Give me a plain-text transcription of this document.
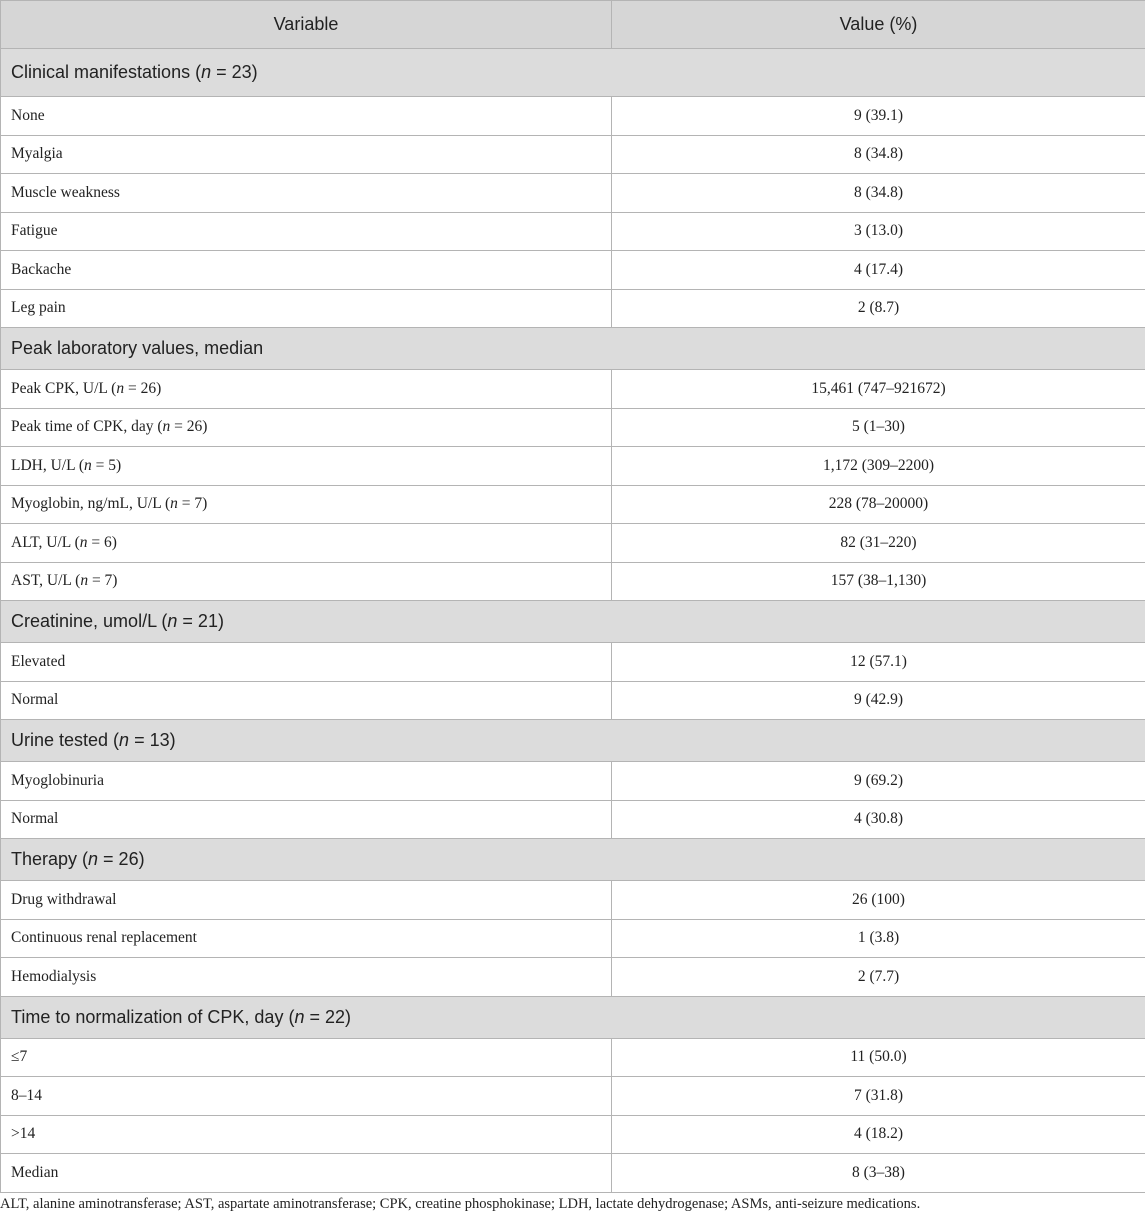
Variable	Value (%)
Clinical manifestations (n = 23)	
None	9 (39.1)
Myalgia	8 (34.8)
Muscle weakness	8 (34.8)
Fatigue	3 (13.0)
Backache	4 (17.4)
Leg pain	2 (8.7)
Peak laboratory values, median	
Peak CPK, U/L (n = 26)	15,461 (747–921672)
Peak time of CPK, day (n = 26)	5 (1–30)
LDH, U/L (n = 5)	1,172 (309–2200)
Myoglobin, ng/mL, U/L (n = 7)	228 (78–20000)
ALT, U/L (n = 6)	82 (31–220)
AST, U/L (n = 7)	157 (38–1,130)
Creatinine, umol/L (n = 21)	
Elevated	12 (57.1)
Normal	9 (42.9)
Urine tested (n = 13)	
Myoglobinuria	9 (69.2)
Normal	4 (30.8)
Therapy (n = 26)	
Drug withdrawal	26 (100)
Continuous renal replacement	1 (3.8)
Hemodialysis	2 (7.7)
Time to normalization of CPK, day (n = 22)	
≤7	11 (50.0)
8–14	7 (31.8)
>14	4 (18.2)
Median	8 (3–38)
ALT, alanine aminotransferase; AST, aspartate aminotransferase; CPK, creatine phosphokinase; LDH, lactate dehydrogenase; ASMs, anti-seizure medications.
